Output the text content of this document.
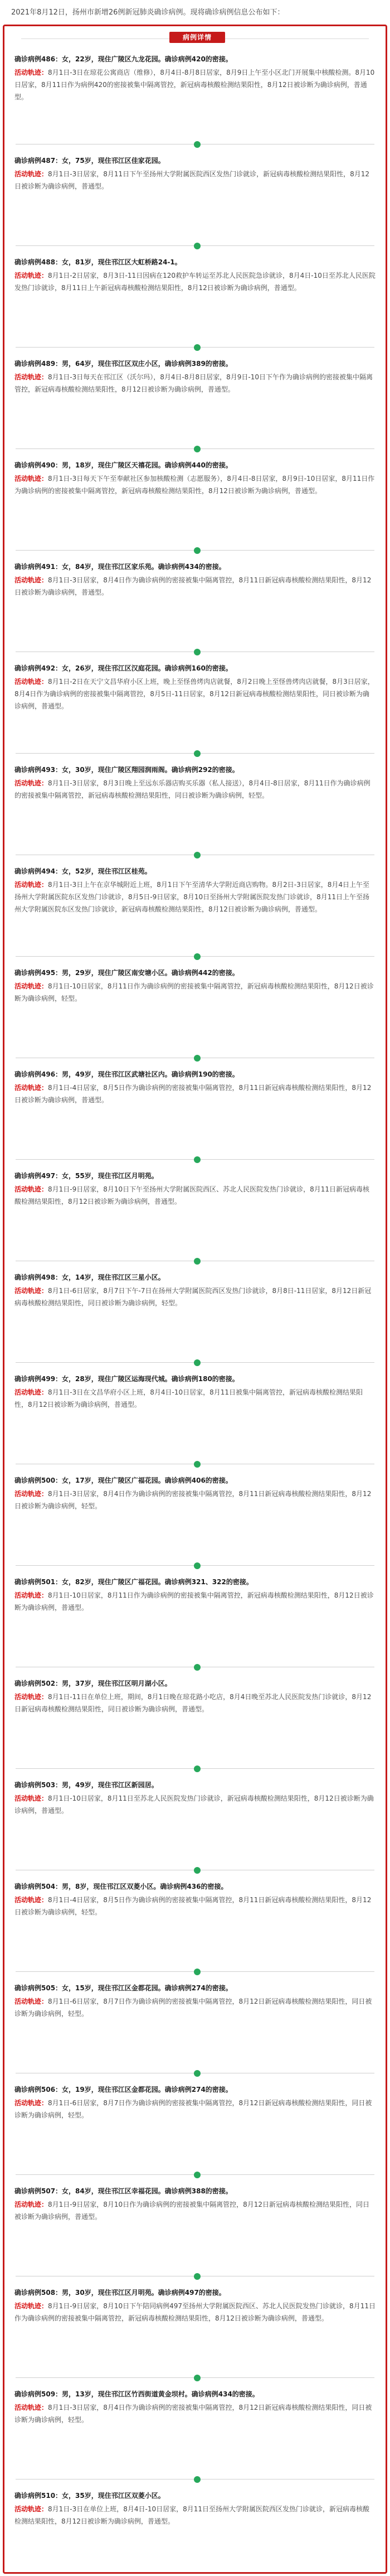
2021年8月12日，扬州市新增26例新冠肺炎确诊病例。现将确诊病例信息公布如下：
病例详情

确诊病例486：女，22岁，现住广陵区九龙花园。确诊病例420的密接。

活动轨迹：8月1日-3日在琼花公寓商店（维修），8月4日-8月8日居家，8月9日上午至小区北门开展集中核酸检测。8月10日居家，8月11日作为病例420的密接被集中隔离管控，新冠病毒核酸检测结果阳性，8月12日被诊断为确诊病例，普通型。

确诊病例487：女，75岁，现住邗江区佳家花园。

活动轨迹：8月1日-3日居家，8月11日下午至扬州大学附属医院西区发热门诊就诊，新冠病毒核酸检测结果阳性，8月12日被诊断为确诊病例，普通型。

确诊病例488：女，81岁，现住邗江区大虹桥路24-1。

活动轨迹：8月1日-2日居家，8月3日-11日因病在120救护车转运至苏北人民医院急诊就诊，8月4日-10日至苏北人民医院发热门诊就诊，8月11日上午新冠病毒核酸检测结果阳性，8月12日被诊断为确诊病例，普通型。

确诊病例489：男，64岁，现住邗江区双庄小区，确诊病例389的密接。

活动轨迹：8月1日-3日每天在邗江区（沃尔玛），8月4日-8月8日居家，8月9日-10日下午作为确诊病例的密接被集中隔离管控，新冠病毒核酸检测结果阳性，8月12日被诊断为确诊病例，普通型。

确诊病例490：男，18岁，现住广陵区天禧花园。确诊病例440的密接。

活动轨迹：8月1日-3日每天下午至奉献社区参加核酸检测（志愿服务），8月4日-8日居家，8月9日-10日居家，8月11日作为确诊病例的密接被集中隔离管控，新冠病毒核酸检测结果阳性，8月12日被诊断为确诊病例，普通型。

确诊病例491：女，84岁，现住邗江区家乐苑。确诊病例434的密接。

活动轨迹：8月1日-3日居家，8月4日作为确诊病例的密接被集中隔离管控，8月11日新冠病毒核酸检测结果阳性，8月12日被诊断为确诊病例，普通型。

确诊病例492：女，26岁，现住邗江区汉庭花园。确诊病例160的密接。

活动轨迹：8月1日-2日在天宁文昌华府小区上班，晚上至怪兽烤肉店就餐，8月2日晚上至怪兽烤肉店就餐，8月3日居家，8月4日作为确诊病例的密接被集中隔离管控，8月5日-11日居家，8月12日新冠病毒核酸检测结果阳性，同日被诊断为确诊病例，普通型。

确诊病例493：女，30岁，现住广陵区翔园润雨阁。确诊病例292的密接。

活动轨迹：8月1日-3日居家，8月3日晚上至远东乐器店购买乐器（私人接送），8月4日-8日居家，8月11日作为确诊病例的密接被集中隔离管控，新冠病毒核酸检测结果阳性，同日被诊断为确诊病例，轻型。

确诊病例494：女，52岁，现住邗江区桂苑。

活动轨迹：8月1日-3日上午在京华城附近上班，8月1日下午至清华大学附近商店购物。8月2日-3日居家，8月4日上午至扬州大学附属医院东区发热门诊就诊，8月5日-9日居家，8月10日至扬州大学附属医院发热门诊就诊，8月11日上午至扬州大学附属医院东区发热门诊就诊，新冠病毒核酸检测结果阳性，8月12日被诊断为确诊病例，普通型。

确诊病例495：男，29岁，现住广陵区南安塘小区。确诊病例442的密接。

活动轨迹：8月1日-10日居家，8月11日作为确诊病例的密接被集中隔离管控，新冠病毒核酸检测结果阳性，8月12日被诊断为确诊病例，轻型。

确诊病例496：男，49岁，现住邗江区武塘社区内。确诊病例190的密接。

活动轨迹：8月1日-4日居家，8月5日作为确诊病例的密接被集中隔离管控，8月11日新冠病毒核酸检测结果阳性，8月12日被诊断为确诊病例，普通型。

确诊病例497：女，55岁，现住邗江区月明苑。

活动轨迹：8月1日-9日居家，8月10日下午至扬州大学附属医院西区、苏北人民医院发热门诊就诊，8月11日新冠病毒核酸检测结果阳性，8月12日被诊断为确诊病例，普通型。

确诊病例498：女，14岁，现住邗江区三星小区。

活动轨迹：8月1日-6日居家，8月7日下午-7日在扬州大学附属医院西区发热门诊就诊，8月8日-11日居家，8月12日新冠病毒核酸检测结果阳性，同日被诊断为确诊病例，轻型。

确诊病例499：女，28岁，现住广陵区运海现代城。确诊病例180的密接。

活动轨迹：8月1日-3日在文昌华府小区上班，8月4日-10日居家，8月11日被集中隔离管控，新冠病毒核酸检测结果阳性，8月12日被诊断为确诊病例，普通型。

确诊病例500：女，17岁，现住广陵区广福花园。确诊病例406的密接。

活动轨迹：8月1日-3日居家，8月4日作为确诊病例的密接被集中隔离管控，8月11日新冠病毒核酸检测结果阳性，8月12日被诊断为确诊病例，轻型。

确诊病例501：女，82岁，现住广陵区广福花园。确诊病例321、322的密接。

活动轨迹：8月1日-10日居家，8月11日作为确诊病例的密接被集中隔离管控，新冠病毒核酸检测结果阳性，8月12日被诊断为确诊病例，普通型。

确诊病例502：男，37岁，现住邗江区明月湖小区。

活动轨迹：8月1日-11日在单位上班，期间，8月1日晚在琼花路小吃店，8月4日晚至苏北人民医院发热门诊就诊，8月12日新冠病毒核酸检测结果阳性，同日被诊断为确诊病例，普通型。

确诊病例503：男，49岁，现住邗江区新园居。

活动轨迹：8月1日-10日居家，8月11日至苏北人民医院发热门诊就诊，新冠病毒核酸检测结果阳性，8月12日被诊断为确诊病例，普通型。

确诊病例504：男，8岁，现住邗江区双菱小区。确诊病例436的密接。

活动轨迹：8月1日-4日居家，8月5日作为确诊病例的密接被集中隔离管控，8月11日新冠病毒核酸检测结果阳性，8月12日被诊断为确诊病例，轻型。

确诊病例505：女，15岁，现住邗江区金都花园。确诊病例274的密接。

活动轨迹：8月1日-6日居家，8月7日作为确诊病例的密接被集中隔离管控，8月12日新冠病毒核酸检测结果阳性，同日被诊断为确诊病例，轻型。

确诊病例506：女，19岁，现住邗江区金都花园。确诊病例274的密接。

活动轨迹：8月1日-6日居家，8月7日作为确诊病例的密接被集中隔离管控，8月12日新冠病毒核酸检测结果阳性，同日被诊断为确诊病例，轻型。

确诊病例507：女，84岁，现住邗江区幸福花园。确诊病例388的密接。

活动轨迹：8月1日-9日居家，8月10日作为确诊病例的密接被集中隔离管控，8月12日新冠病毒核酸检测结果阳性，同日被诊断为确诊病例，普通型。

确诊病例508：男，30岁，现住邗江区月明苑。确诊病例497的密接。

活动轨迹：8月1日-9日居家，8月10日下午陪同病例497至扬州大学附属医院西区、苏北人民医院发热门诊就诊，8月11日作为确诊病例的密接被集中隔离管控，新冠病毒核酸检测结果阳性，8月12日被诊断为确诊病例，普通型。

确诊病例509：男，13岁，现住邗江区竹西街道黄金坝村。确诊病例434的密接。

活动轨迹：8月1日-3日居家，8月4日作为确诊病例的密接被集中隔离管控，8月12日新冠病毒核酸检测结果阳性，同日被诊断为确诊病例，轻型。

确诊病例510：女，35岁，现住邗江区双菱小区。

活动轨迹：8月1日-3日在单位上班，8月4日-10日居家，8月11日至扬州大学附属医院西区发热门诊就诊，新冠病毒核酸检测结果阳性，8月12日被诊断为确诊病例，普通型。
